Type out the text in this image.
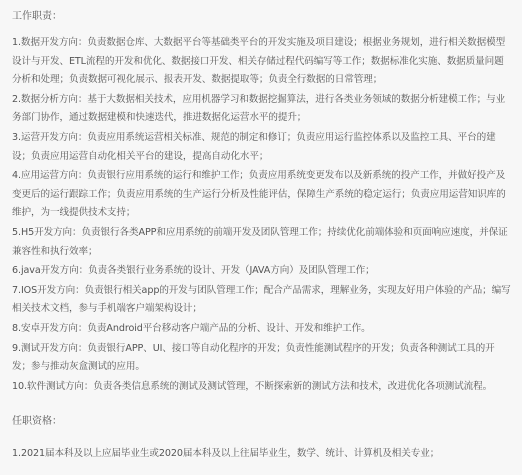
工作职责：
1.数据开发方向：负责数据仓库、大数据平台等基础类平台的开发实施及项目建设；根据业务规划，进行相关数据模型设计与开发、ETL流程的开发和优化、数据接口开发、相关存储过程代码编写等工作；数据标准化实施、数据质量问题分析和处理；负责数据可视化展示、报表开发、数据提取等；负责全行数据的日常管理；
2.数据分析方向：基于大数据相关技术，应用机器学习和数据挖掘算法，进行各类业务领域的数据分析建模工作；与业务部门协作，通过数据建模和快速迭代，推进数据化运营水平的提升；
3.运营开发方向：负责应用系统运营相关标准、规范的制定和修订；负责应用运行监控体系以及监控工具、平台的建设；负责应用运营自动化相关平台的建设，提高自动化水平；
4.应用运营方向：负责银行应用系统的运行和维护工作；负责应用系统变更发布以及新系统的投产工作，并做好投产及变更后的运行跟踪工作；负责应用系统的生产运行分析及性能评估，保障生产系统的稳定运行；负责应用运营知识库的维护，为一线提供技术支持；
5.H5开发方向：负责银行各类APP和应用系统的前端开发及团队管理工作；持续优化前端体验和页面响应速度，并保证兼容性和执行效率；
6.java开发方向：负责各类银行业务系统的设计、开发（JAVA方向）及团队管理工作；
7.IOS开发方向：负责银行相关app的开发与团队管理工作；配合产品需求，理解业务，实现友好用户体验的产品；编写相关技术文档，参与手机端客户端架构设计；
8.安卓开发方向：负责Android平台移动客户端产品的分析、设计、开发和维护工作。
9.测试开发方向：负责银行APP、UI、接口等自动化程序的开发；负责性能测试程序的开发；负责各种测试工具的开发；参与推动灰盒测试的应用。
10.软件测试方向：负责各类信息系统的测试及测试管理，不断探索新的测试方法和技术，改进优化各项测试流程。
任职资格：
1.2021届本科及以上应届毕业生或2020届本科及以上往届毕业生，数学、统计、计算机及相关专业；
